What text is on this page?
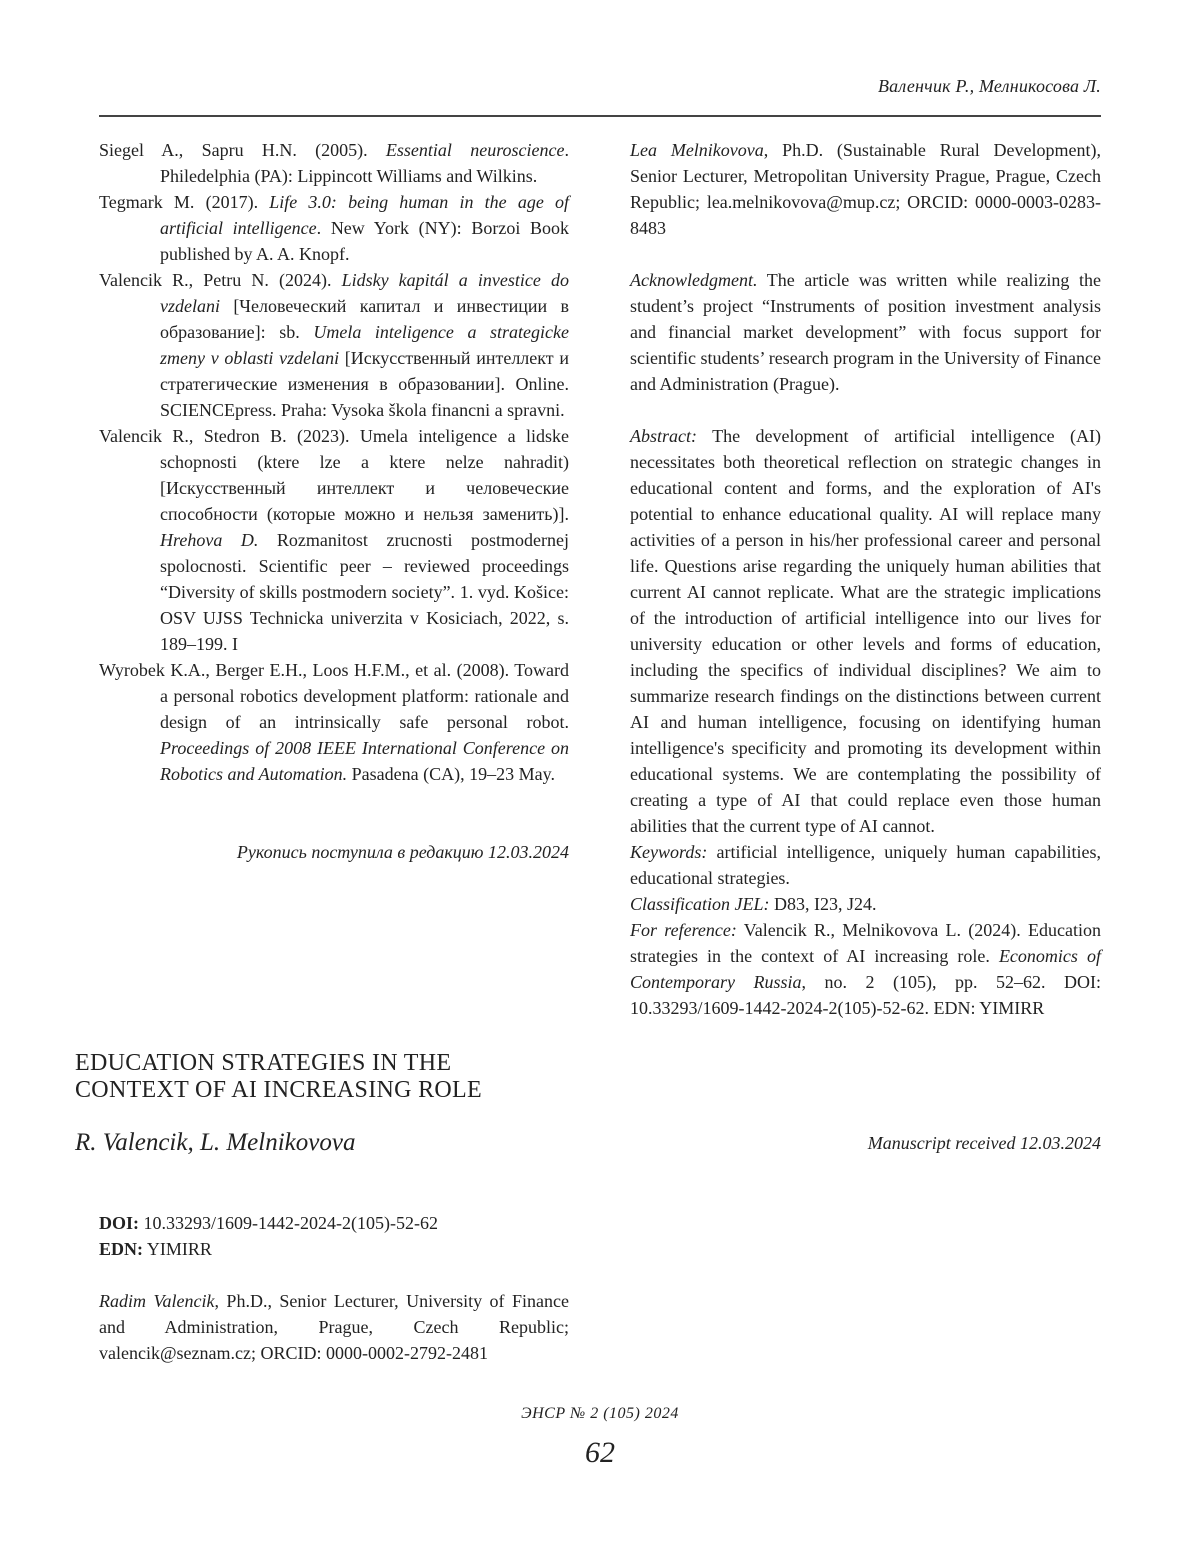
Валенчик Р., Мелникосова Л.

Siegel A., Sapru H.N. (2005). Essential neuroscience. Philedelphia (PA): Lippincott Williams and Wilkins.

Tegmark M. (2017). Life 3.0: being human in the age of artificial intelligence. New York (NY): Borzoi Book published by A. A. Knopf.

Valencik R., Petru N. (2024). Lidsky kapitál a investice do vzdelani [Человеческий капитал и инвестиции в образование]: sb. Umela inteligence a strategicke zmeny v oblasti vzdelani [Искусственный интеллект и стратегические изменения в образовании]. Online. SCIENCEpress. Praha: Vysoka škola financni a spravni.

Valencik R., Stedron B. (2023). Umela inteligence a lidske schopnosti (ktere lze a ktere nelze nahradit) [Искусственный интеллект и человеческие способности (которые можно и нельзя заменить)]. Hrehova D. Rozmanitost zrucnosti postmodernej spolocnosti. Scientific peer – reviewed proceedings “Diversity of skills postmodern society”. 1. vyd. Košice: OSV UJSS Technicka univerzita v Kosiciach, 2022, s. 189–199. I

Wyrobek K.A., Berger E.H., Loos H.F.M., et al. (2008). Toward a personal robotics development platform: rationale and design of an intrinsically safe personal robot. Proceedings of 2008 IEEE International Conference on Robotics and Automation. Pasadena (CA), 19–23 May.

Рукопись поступила в редакцию 12.03.2024

Lea Melnikovova, Ph.D. (Sustainable Rural Development), Senior Lecturer, Metropolitan University Prague, Prague, Czech Republic; lea.melnikovova@mup.cz; ORCID: 0000-0003-0283-8483

Acknowledgment. The article was written while realizing the student’s project “Instruments of position investment analysis and financial market development” with focus support for scientific students’ research program in the University of Finance and Administration (Prague).

Abstract: The development of artificial intelligence (AI) necessitates both theoretical reflection on strategic changes in educational content and forms, and the exploration of AI's potential to enhance educational quality. AI will replace many activities of a person in his/her professional career and personal life. Questions arise regarding the uniquely human abilities that current AI cannot replicate. What are the strategic implications of the introduction of artificial intelligence into our lives for university education or other levels and forms of education, including the specifics of individual disciplines? We aim to summarize research findings on the distinctions between current AI and human intelligence, focusing on identifying human intelligence's specificity and promoting its development within educational systems. We are contemplating the possibility of creating a type of AI that could replace even those human abilities that the current type of AI cannot.

Keywords: artificial intelligence, uniquely human capabilities, educational strategies.

Classification JEL: D83, I23, J24.

For reference: Valencik R., Melnikovova L. (2024). Education strategies in the context of AI increasing role. Economics of Contemporary Russia, no. 2 (105), pp. 52–62. DOI: 10.33293/1609-1442-2024-2(105)-52-62. EDN: YIMIRR

EDUCATION STRATEGIES IN THE
CONTEXT OF AI INCREASING ROLE
R. Valencik, L. Melnikovova	Manuscript received 12.03.2024
DOI: 10.33293/1609-1442-2024-2(105)-52-62
EDN: YIMIRR
Radim Valencik, Ph.D., Senior Lecturer, University of Finance and Administration, Prague, Czech Republic; valencik@seznam.cz; ORCID: 0000-0002-2792-2481
ЭНСР № 2 (105) 2024
62
